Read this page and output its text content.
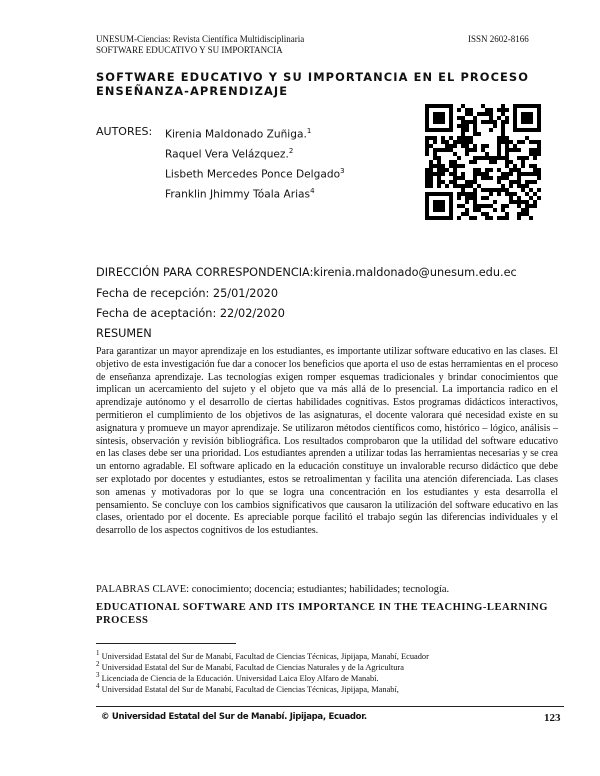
UNESUM-Ciencias: Revista Científica Multidisciplinaria	ISSN 2602-8166
SOFTWARE EDUCATIVO Y SU IMPORTANCIA
SOFTWARE EDUCATIVO Y SU IMPORTANCIA EN EL PROCESO
ENSEÑANZA-APRENDIZAJE
AUTORES: Kirenia Maldonado Zuñiga.$^1$
Raquel Vera Velázquez.$^2$
Lisbeth Mercedes Ponce Delgado$^3$
Franklin Jhimmy Tóala Arias$^4$
DIRECCIÓN PARA CORRESPONDENCIA:kirenia.maldonado@unesum.edu.ec
Fecha de recepción: 25/01/2020
Fecha de aceptación: 22/02/2020
RESUMEN
Para garantizar un mayor aprendizaje en los estudiantes, es importante utilizar software educativo en las clases. El objetivo de esta investigación fue dar a conocer los beneficios que aporta el uso de estas herramientas en el proceso de enseñanza aprendizaje. Las tecnologías exigen romper esquemas tradicionales y brindar conocimientos que implican un acercamiento del sujeto y el objeto que va más allá de lo presencial. La importancia radico en el aprendizaje autónomo y el desarrollo de ciertas habilidades cognitivas. Estos programas didácticos interactivos, permitieron el cumplimiento de los objetivos de las asignaturas, el docente valorara qué necesidad existe en su asignatura y promueve un mayor aprendizaje. Se utilizaron métodos científicos como, histórico – lógico, análisis – síntesis, observación y revisión bibliográfica. Los resultados comprobaron que la utilidad del software educativo en las clases debe ser una prioridad. Los estudiantes aprenden a utilizar todas las herramientas necesarias y se crea un entorno agradable. El software aplicado en la educación constituye un invalorable recurso didáctico que debe ser explotado por docentes y estudiantes, estos se retroalimentan y facilita una atención diferenciada. Las clases son amenas y motivadoras por lo que se logra una concentración en los estudiantes y esta desarrolla el pensamiento. Se concluye con los cambios significativos que causaron la utilización del software educativo en las clases, orientado por el docente. Es apreciable porque facilitó el trabajo según las diferencias individuales y el desarrollo de los aspectos cognitivos de los estudiantes.
PALABRAS CLAVE: conocimiento; docencia; estudiantes; habilidades; tecnología.
EDUCATIONAL SOFTWARE AND ITS IMPORTANCE IN THE TEACHING-LEARNING PROCESS
$^1$ Universidad Estatal del Sur de Manabí, Facultad de Ciencias Técnicas, Jipijapa, Manabí, Ecuador
$^2$ Universidad Estatal del Sur de Manabí, Facultad de Ciencias Naturales y de la Agricultura
$^3$ Licenciada de Ciencia de la Educación. Universidad Laica Eloy Alfaro de Manabí.
$^4$ Universidad Estatal del Sur de Manabí, Facultad de Ciencias Técnicas, Jipijapa, Manabí,
© Universidad Estatal del Sur de Manabí. Jipijapa, Ecuador.	123
